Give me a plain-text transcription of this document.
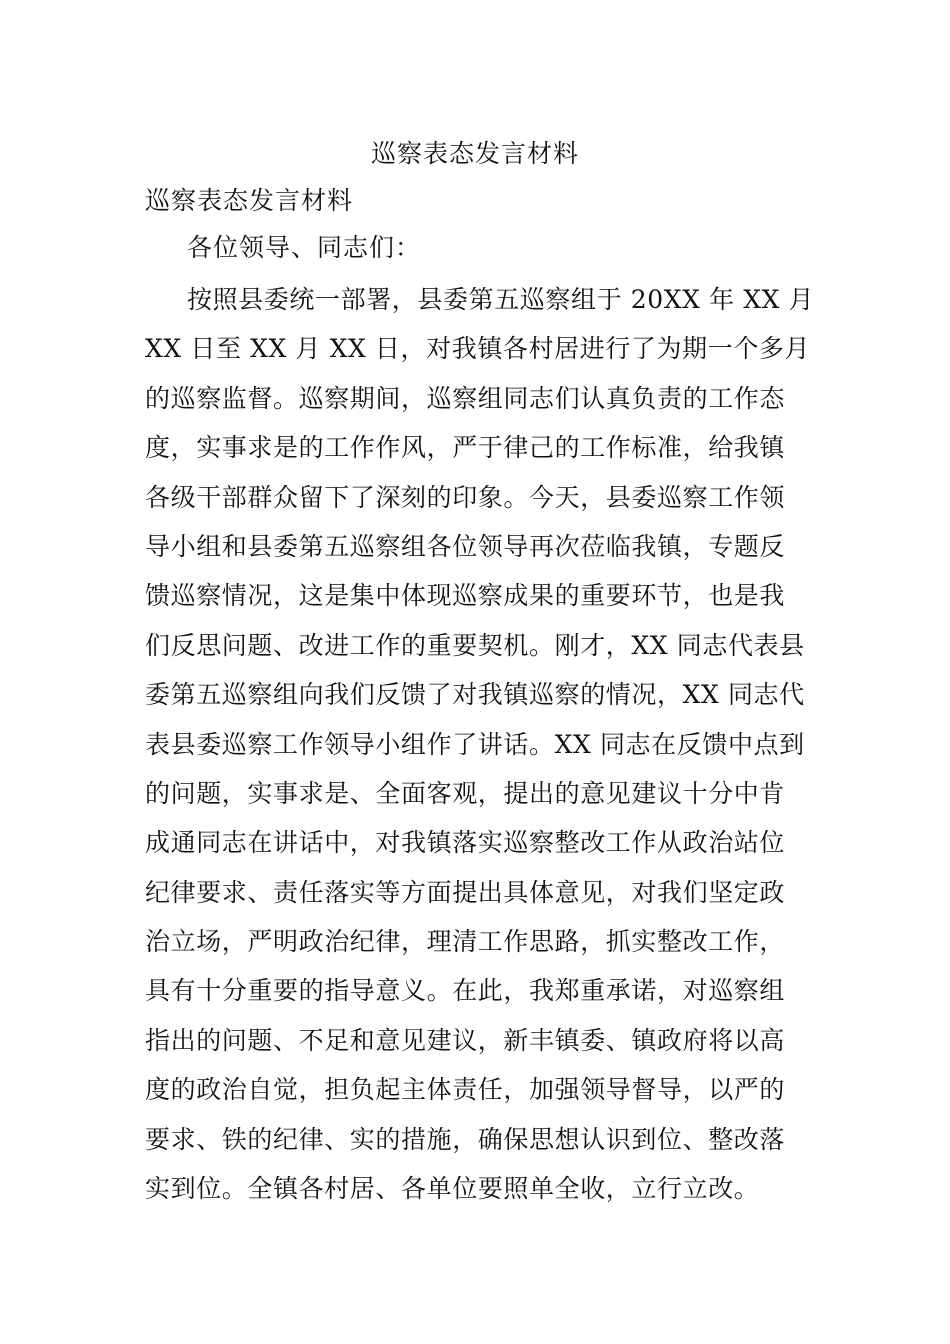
巡察表态发言材料

巡察表态发言材料

各位领导、同志们：

按照县委统一部署，县委第五巡察组于 20XX 年 XX 月
XX 日至 XX 月 XX 日，对我镇各村居进行了为期一个多月
的巡察监督。巡察期间，巡察组同志们认真负责的工作态
度，实事求是的工作作风，严于律己的工作标准，给我镇
各级干部群众留下了深刻的印象。今天，县委巡察工作领
导小组和县委第五巡察组各位领导再次莅临我镇，专题反
馈巡察情况，这是集中体现巡察成果的重要环节，也是我
们反思问题、改进工作的重要契机。刚才，XX 同志代表县
委第五巡察组向我们反馈了对我镇巡察的情况，XX 同志代
表县委巡察工作领导小组作了讲话。XX 同志在反馈中点到
的问题，实事求是、全面客观，提出的意见建议十分中肯
成通同志在讲话中，对我镇落实巡察整改工作从政治站位
纪律要求、责任落实等方面提出具体意见，对我们坚定政
治立场，严明政治纪律，理清工作思路，抓实整改工作，
具有十分重要的指导意义。在此，我郑重承诺，对巡察组
指出的问题、不足和意见建议，新丰镇委、镇政府将以高
度的政治自觉，担负起主体责任，加强领导督导，以严的
要求、铁的纪律、实的措施，确保思想认识到位、整改落
实到位。全镇各村居、各单位要照单全收，立行立改。
